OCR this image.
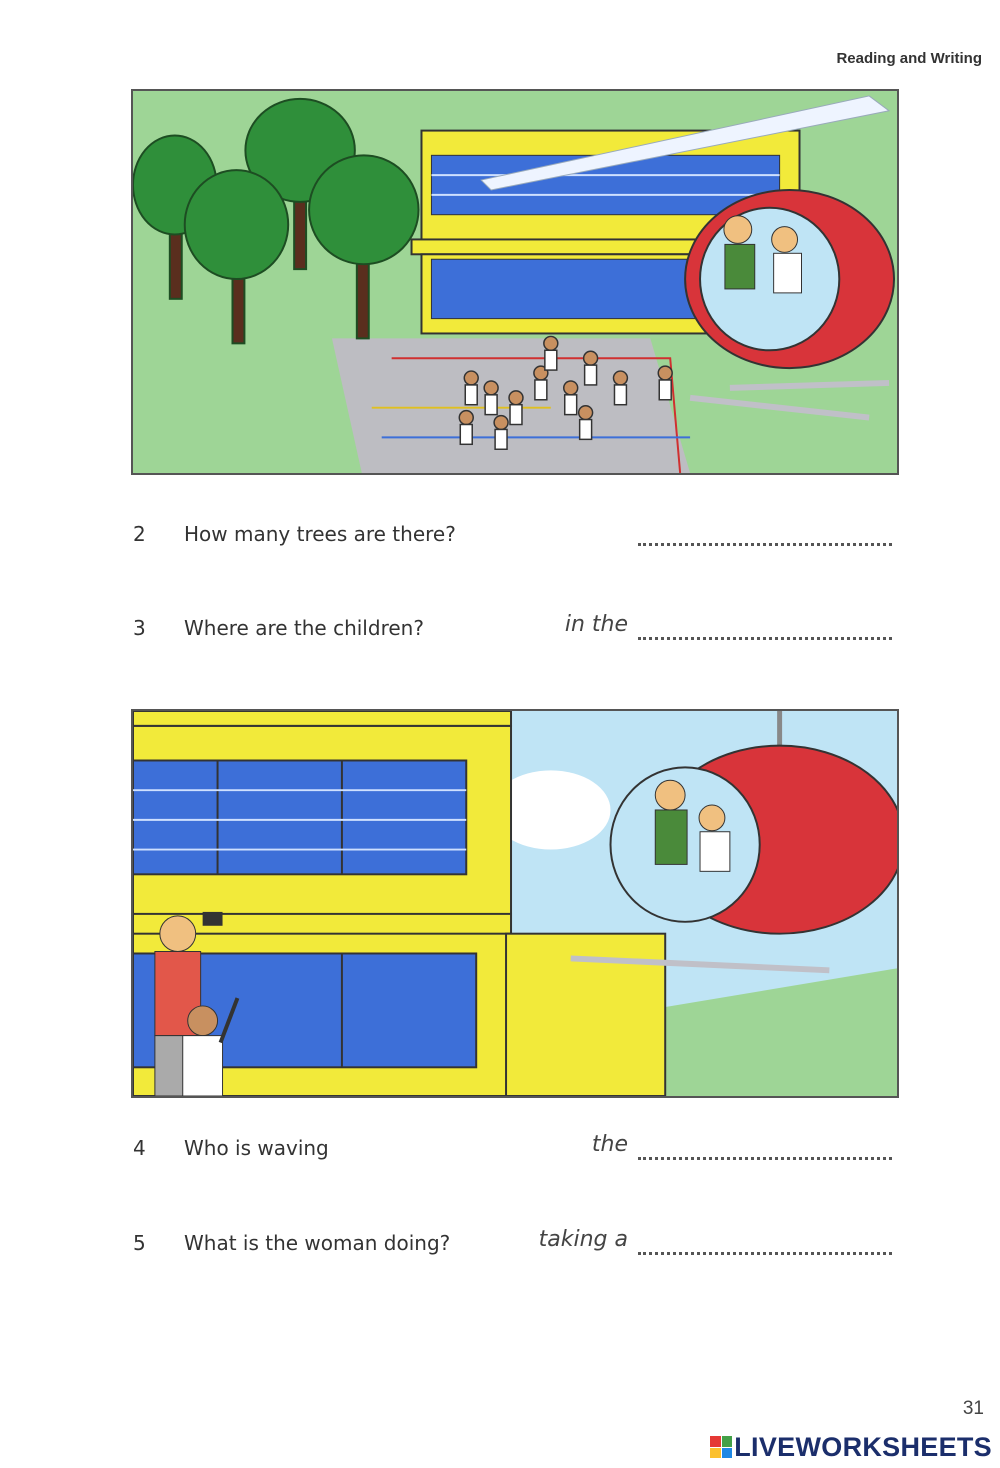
Reading and Writing
2 How many trees are there?
3 Where are the children?	in the
4 Who is waving	the
5 What is the woman doing?	taking a
31
LIVEWORKSHEETS
